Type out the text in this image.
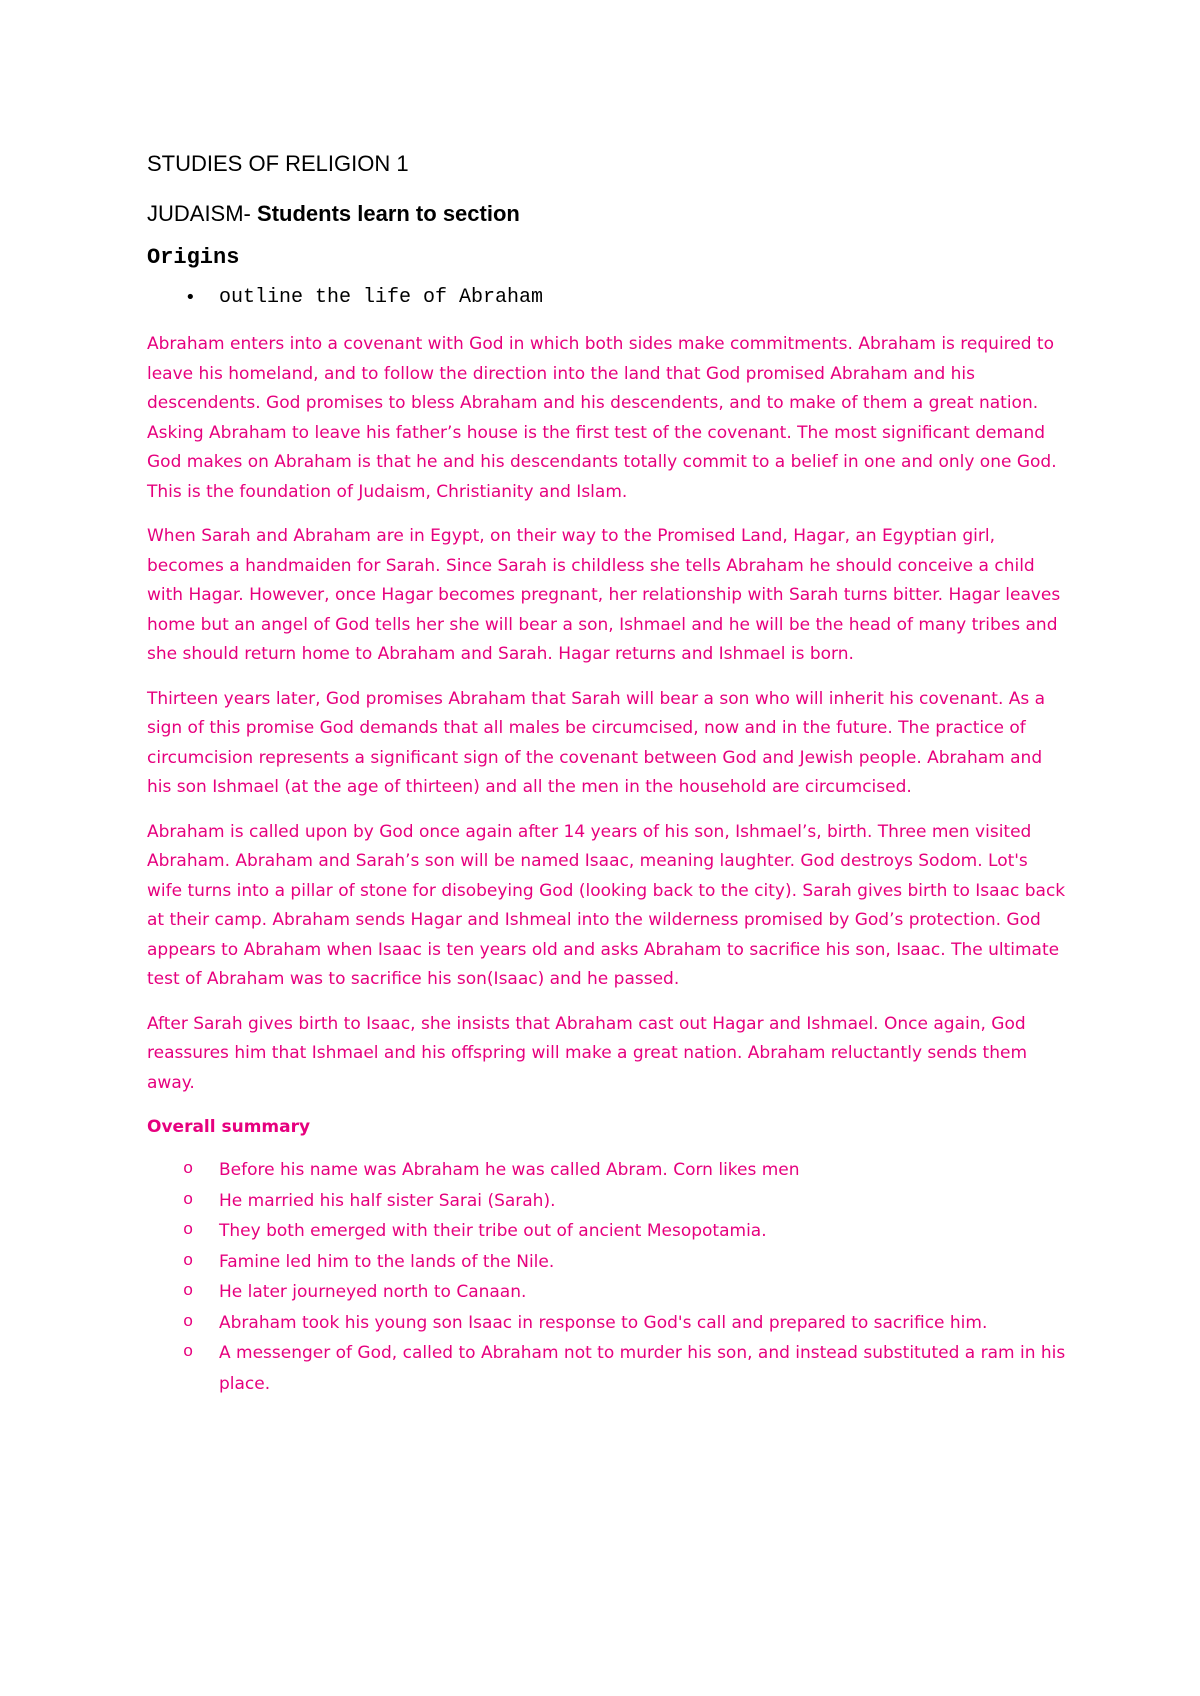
STUDIES OF RELIGION 1
JUDAISM- Students learn to section
Origins
• outline the life of Abraham

Abraham enters into a covenant with God in which both sides make commitments. Abraham is required to leave his homeland, and to follow the direction into the land that God promised Abraham and his descendents. God promises to bless Abraham and his descendents, and to make of them a great nation. Asking Abraham to leave his father’s house is the first test of the covenant. The most significant demand God makes on Abraham is that he and his descendants totally commit to a belief in one and only one God. This is the foundation of Judaism, Christianity and Islam.

When Sarah and Abraham are in Egypt, on their way to the Promised Land, Hagar, an Egyptian girl, becomes a handmaiden for Sarah. Since Sarah is childless she tells Abraham he should conceive a child with Hagar. However, once Hagar becomes pregnant, her relationship with Sarah turns bitter. Hagar leaves home but an angel of God tells her she will bear a son, Ishmael and he will be the head of many tribes and she should return home to Abraham and Sarah. Hagar returns and Ishmael is born.

Thirteen years later, God promises Abraham that Sarah will bear a son who will inherit his covenant. As a sign of this promise God demands that all males be circumcised, now and in the future. The practice of circumcision represents a significant sign of the covenant between God and Jewish people. Abraham and his son Ishmael (at the age of thirteen) and all the men in the household are circumcised.

Abraham is called upon by God once again after 14 years of his son, Ishmael’s, birth. Three men visited Abraham. Abraham and Sarah’s son will be named Isaac, meaning laughter. God destroys Sodom. Lot's wife turns into a pillar of stone for disobeying God (looking back to the city). Sarah gives birth to Isaac back at their camp. Abraham sends Hagar and Ishmeal into the wilderness promised by God’s protection. God appears to Abraham when Isaac is ten years old and asks Abraham to sacrifice his son, Isaac. The ultimate test of Abraham was to sacrifice his son(Isaac) and he passed.

After Sarah gives birth to Isaac, she insists that Abraham cast out Hagar and Ishmael. Once again, God reassures him that Ishmael and his offspring will make a great nation. Abraham reluctantly sends them away.

Overall summary
o Before his name was Abraham he was called Abram. Corn likes men
o He married his half sister Sarai (Sarah).
o They both emerged with their tribe out of ancient Mesopotamia.
o Famine led him to the lands of the Nile.
o He later journeyed north to Canaan.
o Abraham took his young son Isaac in response to God's call and prepared to sacrifice him.
o A messenger of God, called to Abraham not to murder his son, and instead substituted a ram in his place.
